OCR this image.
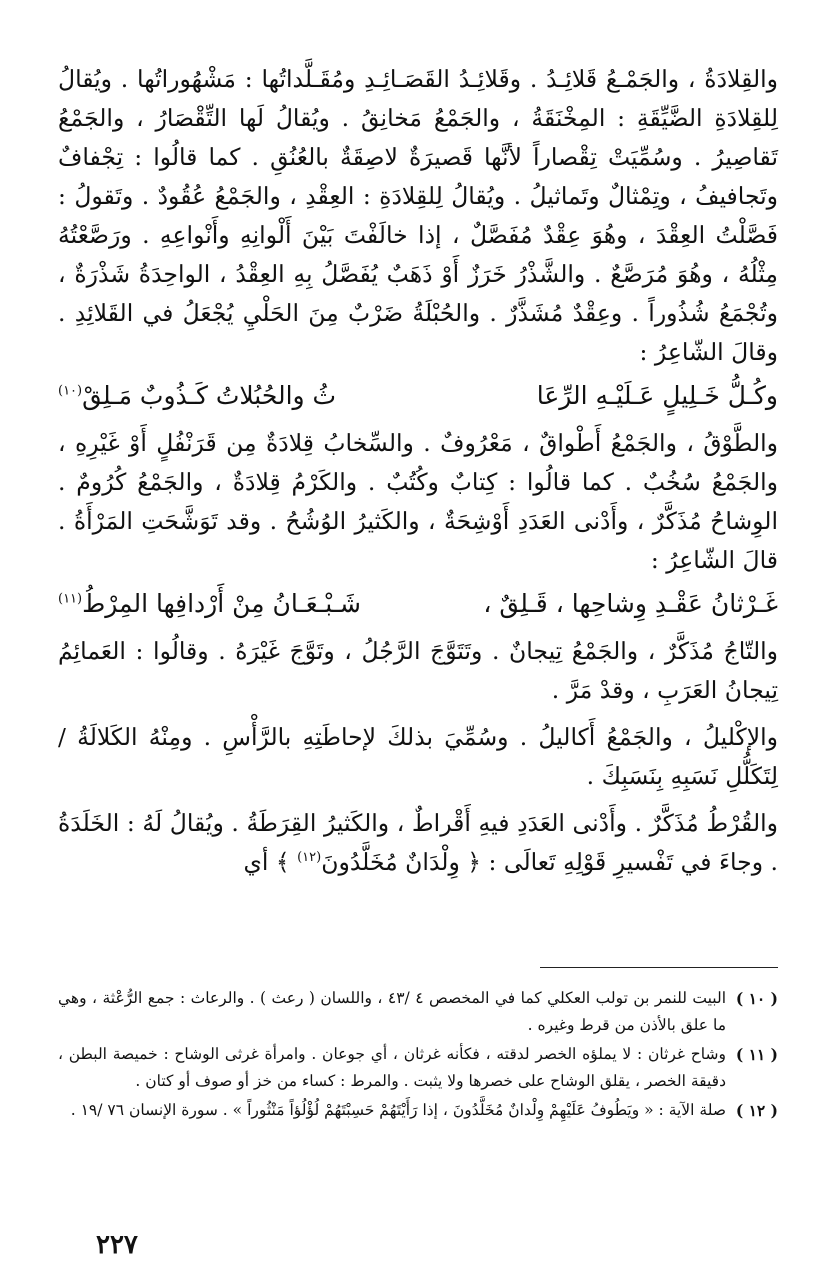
والقِلادَةُ ، والجَمْـعُ قَلائِـدُ . وقَلائِـدُ القَصَـائِـدِ ومُقَـلَّداتُها : مَشْهُوراتُها . ويُقالُ لِلقِلادَةِ الضَّيِّقَةِ : المِخْنَقَةُ ، والجَمْعُ مَخانِقُ . ويُقالُ لَها التِّقْصَارُ ، والجَمْعُ تَقاصِيرُ . وسُمِّيَتْ تِقْصاراً لأنَّها قَصيرَةٌ لاصِقَةٌ بالعُنُقِ . كما قالُوا : تِجْفافٌ وتَجافيفُ ، وتِمْثالٌ وتَماثيلُ . ويُقالُ لِلقِلادَةِ : العِقْدِ ، والجَمْعُ عُقُودٌ . وتَقولُ : فَصَّلْتُ العِقْدَ ، وهُوَ عِقْدٌ مُفَصَّلٌ ، إذا خالَفْتَ بَيْنَ أَلْوانِهِ وأَنْواعِهِ . ورَصَّعْتُهُ مِثْلُهُ ، وهُوَ مُرَصَّعٌ . والشَّذْرُ خَرَزٌ أَوْ ذَهَبٌ يُفَصَّلُ بِهِ العِقْدُ ، الواحِدَةُ شَذْرَةٌ ، وتُجْمَعُ شُذُوراً . وعِقْدٌ مُشَذَّرٌ . والحُبْلَةُ ضَرْبٌ مِنَ الحَلْيِ يُجْعَلُ في القَلائِدِ . وقالَ الشّاعِرُ :

وكُـلُّ خَـلِيلٍ عَـلَيْـهِ الرِّعَا
ثُ والحُبُلاتُ كَـذُوبٌ مَـلِقْ$^{(١٠)}$

والطَّوْقُ ، والجَمْعُ أَطْواقٌ ، مَعْرُوفٌ . والسِّخابُ قِلادَةٌ مِن قَرَنْفُلٍ أَوْ غَيْرِهِ ، والجَمْعُ سُخُبٌ . كما قالُوا : كِتابٌ وكُتُبٌ . والكَرْمُ قِلادَةٌ ، والجَمْعُ كُرُومٌ . الوِشاحُ مُذَكَّرٌ ، وأَدْنى العَدَدِ أَوْشِحَةٌ ، والكَثيرُ الوُشُحُ . وقد تَوَشَّحَتِ المَرْأَةُ . قالَ الشّاعِرُ :

غَـرْثانُ عَقْـدِ وِشاحِها ، قَـلِقٌ ،
شَـبْـعَـانُ مِنْ أَرْدافِها المِرْطُ$^{(١١)}$

والتّاجُ مُذَكَّرٌ ، والجَمْعُ تِيجانٌ . وتَتَوَّجَ الرَّجُلُ ، وتَوَّجَ غَيْرَهُ . وقالُوا : العَمائِمُ تِيجانُ العَرَبِ ، وقدْ مَرَّ .

والإكْليلُ ، والجَمْعُ أَكاليلُ . وسُمِّيَ بذلكَ لإحاطَتِهِ بالرَّأْسِ . ومِنْهُ الكَلالَةُ / لِتَكَلُّلِ نَسَبِهِ بِنَسَبِكَ .

والقُرْطُ مُذَكَّرٌ . وأَدْنى العَدَدِ فيهِ أَقْراطٌ ، والكَثيرُ القِرَطَةُ . ويُقالُ لَهُ : الخَلَدَةُ . وجاءَ في تَفْسيرِ قَوْلِهِ تَعالَى : ﴿ وِلْدَانٌ مُخَلَّدُونَ$^{(١٢)}$ ﴾ أي

( ١٠ )
البيت للنمر بن تولب العكلي كما في المخصص ٤ /٤٣ ، واللسان ( رعث ) . والرعاث : جمع الرُّعْثة ، وهي ما علق بالأذن من قرط وغيره .
( ١١ )
وشاح غرثان : لا يملؤه الخصر لدقته ، فكأنه غرثان ، أي جوعان . وامرأة غرثى الوشاح : خميصة البطن ، دقيقة الخصر ، يقلق الوشاح على خصرها ولا يثبت . والمرط : كساء من خز أو صوف أو كتان .
( ١٢ )
صلة الآية : « ويَطُوفُ عَلَيْهِمْ وِلْدانٌ مُخَلَّدُونَ ، إذا رَأَيْتَهُمْ حَسِبْتَهُمْ لُؤْلُؤاً مَنْثُوراً » . سورة الإنسان ٧٦ /١٩ .
٢٢٧
